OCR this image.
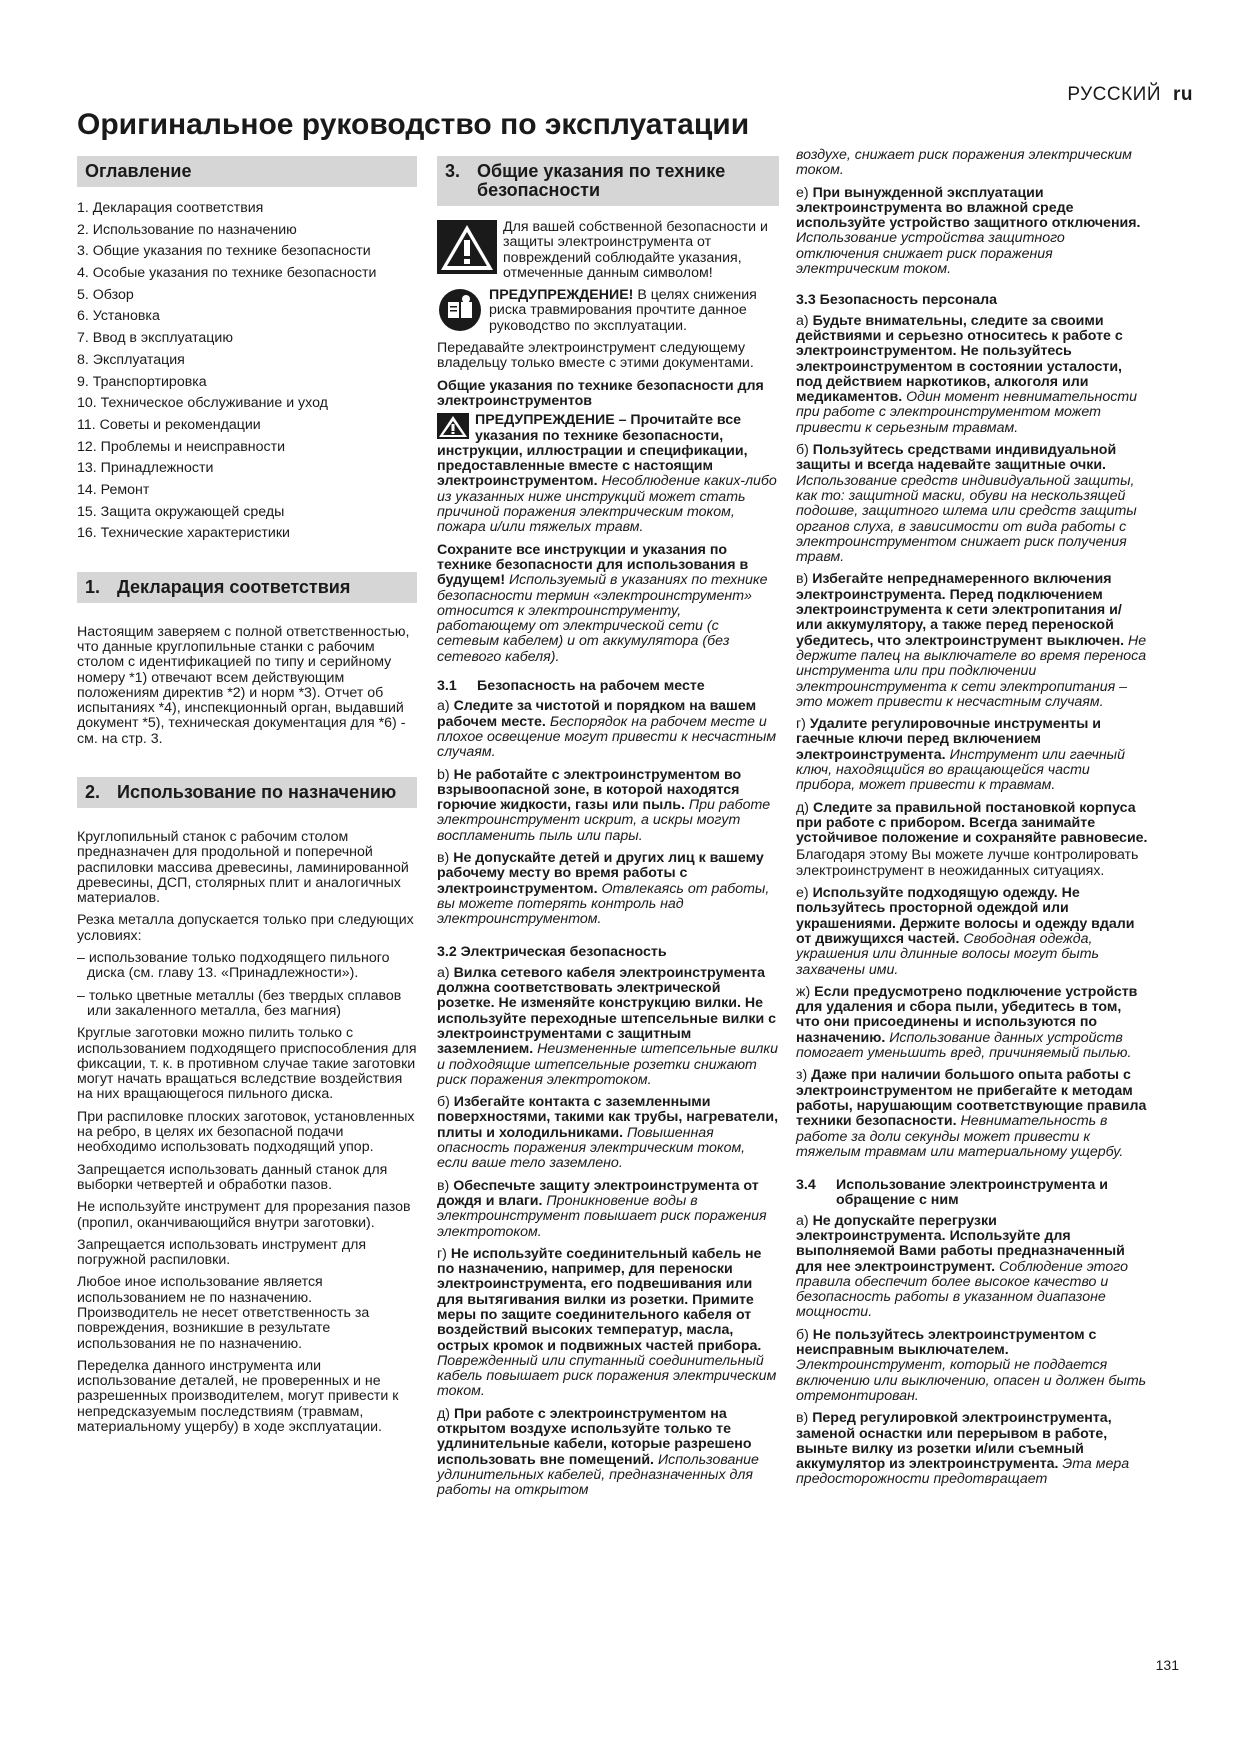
РУССКИЙ ru
Оригинальное руководство по эксплуатации
Оглавление
1. Декларация соответствия
2. Использование по назначению
3. Общие указания по технике безопасности
4. Особые указания по технике безопасности
5. Обзор
6. Установка
7. Ввод в эксплуатацию
8. Эксплуатация
9. Транспортировка
10. Техническое обслуживание и уход
11. Советы и рекомендации
12. Проблемы и неисправности
13. Принадлежности
14. Ремонт
15. Защита окружающей среды
16. Технические характеристики
1. Декларация соответствия

Настоящим заверяем с полной ответственностью, что данные круглопильные станки с рабочим столом с идентификацией по типу и серийному номеру *1) отвечают всем действующим положениям директив *2) и норм *3). Отчет об испытаниях *4), инспекционный орган, выдавший документ *5), техническая документация для *6) - см. на стр. 3.

2. Использование по назначению

Круглопильный станок с рабочим столом предназначен для продольной и поперечной распиловки массива древесины, ламинированной древесины, ДСП, столярных плит и аналогичных материалов.

Резка металла допускается только при следующих условиях:

– использование только подходящего пильного диска (см. главу 13. «Принадлежности»).

– только цветные металлы (без твердых сплавов или закаленного металла, без магния)

Круглые заготовки можно пилить только с использованием подходящего приспособления для фиксации, т. к. в противном случае такие заготовки могут начать вращаться вследствие воздействия на них вращающегося пильного диска.

При распиловке плоских заготовок, установленных на ребро, в целях их безопасной подачи необходимо использовать подходящий упор.

Запрещается использовать данный станок для выборки четвертей и обработки пазов.

Не используйте инструмент для прорезания пазов (пропил, оканчивающийся внутри заготовки).

Запрещается использовать инструмент для погружной распиловки.

Любое иное использование является использованием не по назначению. Производитель не несет ответственность за повреждения, возникшие в результате использования не по назначению.

Переделка данного инструмента или использование деталей, не проверенных и не разрешенных производителем, могут привести к непредсказуемым последствиям (травмам, материальному ущербу) в ходе эксплуатации.

3. Общие указания по технике безопасности

Для вашей собственной безопасности и защиты электроинструмента от повреждений соблюдайте указания, отмеченные данным символом!

ПРЕДУПРЕЖДЕНИЕ! В целях снижения риска травмирования прочтите данное руководство по эксплуатации.

Передавайте электроинструмент следующему владельцу только вместе с этими документами.

Общие указания по технике безопасности для электроинструментов

ПРЕДУПРЕЖДЕНИЕ – Прочитайте все указания по технике безопасности, инструкции, иллюстрации и спецификации, предоставленные вместе с настоящим электроинструментом. Несоблюдение каких-либо из указанных ниже инструкций может стать причиной поражения электрическим током, пожара и/или тяжелых травм.

Сохраните все инструкции и указания по технике безопасности для использования в будущем! Используемый в указаниях по технике безопасности термин «электроинструмент» относится к электроинструменту, работающему от электрической сети (с сетевым кабелем) и от аккумулятора (без сетевого кабеля).

3.1 Безопасность на рабочем месте

а) Следите за чистотой и порядком на вашем рабочем месте. Беспорядок на рабочем месте и плохое освещение могут привести к несчастным случаям.

b) Не работайте с электроинструментом во взрывоопасной зоне, в которой находятся горючие жидкости, газы или пыль. При работе электроинструмент искрит, а искры могут воспламенить пыль или пары.

в) Не допускайте детей и других лиц к вашему рабочему месту во время работы с электроинструментом. Отвлекаясь от работы, вы можете потерять контроль над электроинструментом.

3.2 Электрическая безопасность

а) Вилка сетевого кабеля электроинструмента должна соответствовать электрической розетке. Не изменяйте конструкцию вилки. Не используйте переходные штепсельные вилки с электроинструментами с защитным заземлением. Неизмененные штепсельные вилки и подходящие штепсельные розетки снижают риск поражения электротоком.

б) Избегайте контакта с заземленными поверхностями, такими как трубы, нагреватели, плиты и холодильниками. Повышенная опасность поражения электрическим током, если ваше тело заземлено.

в) Обеспечьте защиту электроинструмента от дождя и влаги. Проникновение воды в электроинструмент повышает риск поражения электротоком.

г) Не используйте соединительный кабель не по назначению, например, для переноски электроинструмента, его подвешивания или для вытягивания вилки из розетки. Примите меры по защите соединительного кабеля от воздействий высоких температур, масла, острых кромок и подвижных частей прибора. Поврежденный или спутанный соединительный кабель повышает риск поражения электрическим током.

д) При работе с электроинструментом на открытом воздухе используйте только те удлинительные кабели, которые разрешено использовать вне помещений. Использование удлинительных кабелей, предназначенных для работы на открытом

воздухе, снижает риск поражения электрическим током.

е) При вынужденной эксплуатации электроинструмента во влажной среде используйте устройство защитного отключения. Использование устройства защитного отключения снижает риск поражения электрическим током.

3.3 Безопасность персонала

а) Будьте внимательны, следите за своими действиями и серьезно относитесь к работе с электроинструментом. Не пользуйтесь электроинструментом в состоянии усталости, под действием наркотиков, алкоголя или медикаментов. Один момент невнимательности при работе с электроинструментом может привести к серьезным травмам.

б) Пользуйтесь средствами индивидуальной защиты и всегда надевайте защитные очки. Использование средств индивидуальной защиты, как то: защитной маски, обуви на нескользящей подошве, защитного шлема или средств защиты органов слуха, в зависимости от вида работы с электроинструментом снижает риск получения травм.

в) Избегайте непреднамеренного включения электроинструмента. Перед подключением электроинструмента к сети электропитания и/или аккумулятору, а также перед переноской убедитесь, что электроинструмент выключен. Не держите палец на выключателе во время переноса инструмента или при подключении электроинструмента к сети электропитания – это может привести к несчастным случаям.

г) Удалите регулировочные инструменты и гаечные ключи перед включением электроинструмента. Инструмент или гаечный ключ, находящийся во вращающейся части прибора, может привести к травмам.

д) Следите за правильной постановкой корпуса при работе с прибором. Всегда занимайте устойчивое положение и сохраняйте равновесие.

Благодаря этому Вы можете лучше контролировать электроинструмент в неожиданных ситуациях.

е) Используйте подходящую одежду. Не пользуйтесь просторной одеждой или украшениями. Держите волосы и одежду вдали от движущихся частей. Свободная одежда, украшения или длинные волосы могут быть захвачены ими.

ж) Если предусмотрено подключение устройств для удаления и сбора пыли, убедитесь в том, что они присоединены и используются по назначению. Использование данных устройств помогает уменьшить вред, причиняемый пылью.

з) Даже при наличии большого опыта работы с электроинструментом не прибегайте к методам работы, нарушающим соответствующие правила техники безопасности. Невнимательность в работе за доли секунды может привести к тяжелым травмам или материальному ущербу.

3.4	Использование электроинструмента и обращение с ним

а) Не допускайте перегрузки электроинструмента. Используйте для выполняемой Вами работы предназначенный для нее электроинструмент. Соблюдение этого правила обеспечит более высокое качество и безопасность работы в указанном диапазоне мощности.

б) Не пользуйтесь электроинструментом с неисправным выключателем. Электроинструмент, который не поддается включению или выключению, опасен и должен быть отремонтирован.

в) Перед регулировкой электроинструмента, заменой оснастки или перерывом в работе, выньте вилку из розетки и/или съемный аккумулятор из электроинструмента. Эта мера предосторожности предотвращает

131
